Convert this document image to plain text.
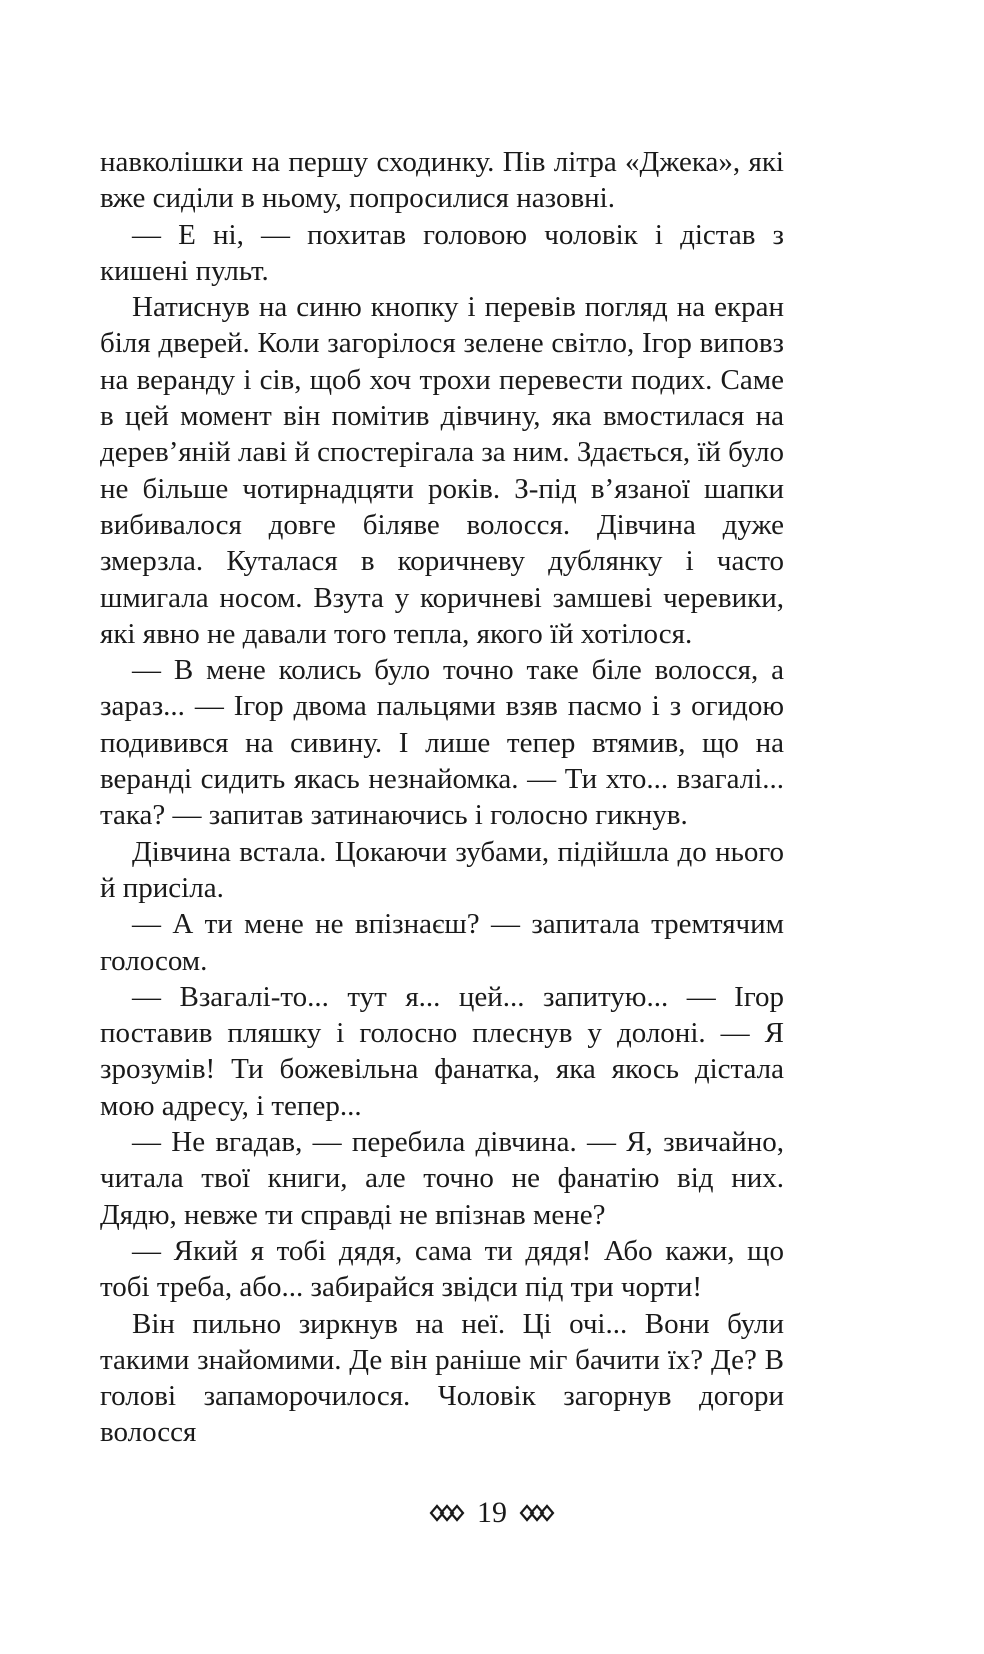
навколішки на першу сходинку. Пів літра «Джека», які вже сиділи в ньому, попросилися назовні.

— Е ні, — похитав головою чоловік і дістав з кишені пульт.

Натиснув на синю кнопку і перевів погляд на екран біля дверей. Коли загорілося зелене світло, Ігор виповз на веранду і сів, щоб хоч трохи перевести подих. Саме в цей момент він помітив дівчину, яка вмостилася на дерев’яній лаві й спостерігала за ним. Здається, їй було не більше чотирнадцяти років. З-під в’язаної шапки вибивалося довге біляве волосся. Дівчина дуже змерзла. Куталася в коричневу дублянку і часто шмигала носом. Взута у коричневі замшеві черевики, які явно не давали того тепла, якого їй хотілося.

— В мене колись було точно таке біле волосся, а зараз... — Ігор двома пальцями взяв пасмо і з огидою подивився на сивину. І лише тепер втямив, що на веранді сидить якась незнайомка. — Ти хто... взагалі... така? — запитав затинаючись і голосно гикнув.

Дівчина встала. Цокаючи зубами, підійшла до нього й присіла.

— А ти мене не впізнаєш? — запитала тремтячим голосом.

— Взагалі-то... тут я... цей... запитую... — Ігор поставив пляшку і голосно плеснув у долоні. — Я зрозумів! Ти божевільна фанатка, яка якось дістала мою адресу, і тепер...

— Не вгадав, — перебила дівчина. — Я, звичайно, читала твої книги, але точно не фанатію від них. Дядю, невже ти справді не впізнав мене?

— Який я тобі дядя, сама ти дядя! Або кажи, що тобі треба, або... забирайся звідси під три чорти!

Він пильно зиркнув на неї. Ці очі... Вони були такими знайомими. Де він раніше міг бачити їх? Де? В голові запаморочилося. Чоловік загорнув догори волосся

19
